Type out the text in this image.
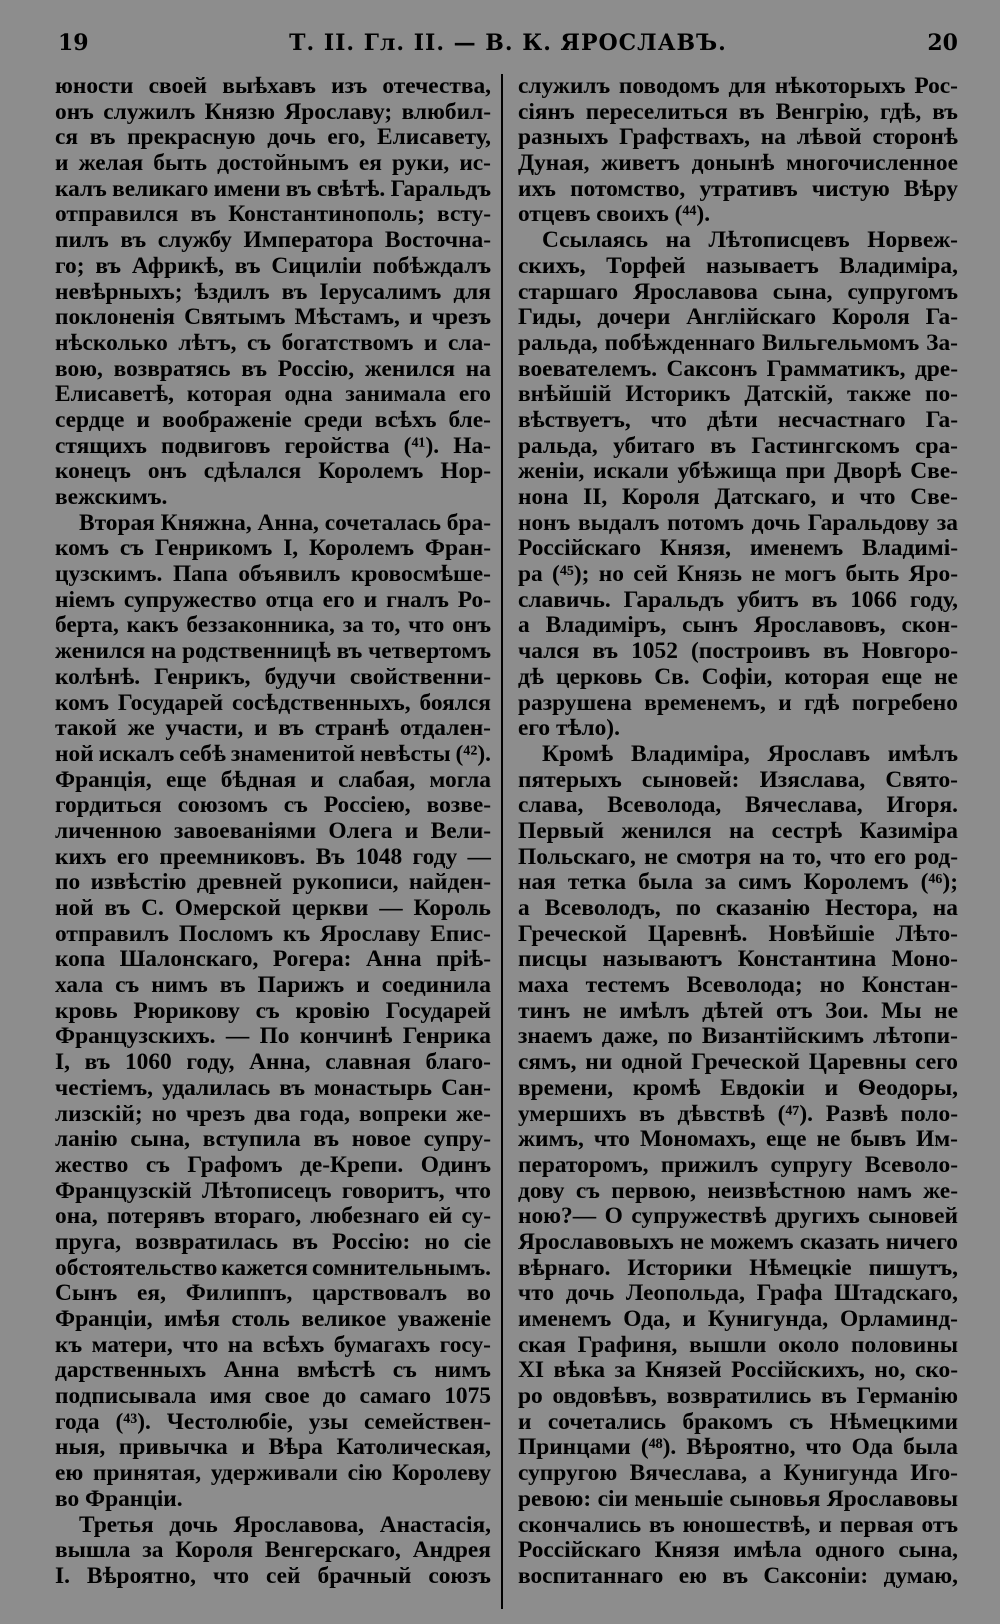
19	Т. II. Гл. II. — В. К. ЯРОСЛАВЪ.	20
юности своей выѣхавъ изъ отечества,
онъ служилъ Князю Ярославу; влюбил-
ся въ прекрасную дочь его, Елисавету,
и желая быть достойнымъ ея руки, ис-
калъ великаго имени въ свѣтѣ. Гаральдъ
отправился въ Константинополь; всту-
пилъ въ службу Императора Восточна-
го; въ Африкѣ, въ Сициліи побѣждалъ
невѣрныхъ; ѣздилъ въ Іерусалимъ для
поклоненія Святымъ Мѣстамъ, и чрезъ
нѣсколько лѣтъ, съ богатствомъ и сла-
вою, возвратясь въ Россію, женился на
Елисаветѣ, которая одна занимала его
сердце и воображеніе среди всѣхъ бле-
стящихъ подвиговъ геройства (⁴¹). На-
конецъ онъ сдѣлался Королемъ Нор-
вежскимъ.
Вторая Княжна, Анна, сочеталась бра-
комъ съ Генрикомъ I, Королемъ Фран-
цузскимъ. Папа объявилъ кровосмѣше-
ніемъ супружество отца его и гналъ Ро-
берта, какъ беззаконника, за то, что онъ
женился на родственницѣ въ четвертомъ
колѣнѣ. Генрикъ, будучи свойственни-
комъ Государей сосѣдственныхъ, боялся
такой же участи, и въ странѣ отдален-
ной искалъ себѣ знаменитой невѣсты (⁴²).
Франція, еще бѣдная и слабая, могла
гордиться союзомъ съ Россіею, возве-
личенною завоеваніями Олега и Вели-
кихъ его преемниковъ. Въ 1048 году —
по извѣстію древней рукописи, найден-
ной въ С. Омерской церкви — Король
отправилъ Посломъ къ Ярославу Епис-
копа Шалонскаго, Рогера: Анна пріѣ-
хала съ нимъ въ Парижъ и соединила
кровь Рюрикову съ кровію Государей
Французскихъ. — По кончинѣ Генрика
I, въ 1060 году, Анна, славная благо-
честіемъ, удалилась въ монастырь Сан-
лизскій; но чрезъ два года, вопреки же-
ланію сына, вступила въ новое супру-
жество съ Графомъ де-Крепи. Одинъ
Французскій Лѣтописецъ говоритъ, что
она, потерявъ втораго, любезнаго ей су-
пруга, возвратилась въ Россію: но сіе
обстоятельство кажется сомнительнымъ.
Сынъ ея, Филиппъ, царствовалъ во
Франціи, имѣя столь великое уваженіе
къ матери, что на всѣхъ бумагахъ госу-
дарственныхъ Анна вмѣстѣ съ нимъ
подписывала имя свое до самаго 1075
года (⁴³). Честолюбіе, узы семействен-
ныя, привычка и Вѣра Католическая,
ею принятая, удерживали сію Королеву
во Франціи.
Третья дочь Ярославова, Анастасія,
вышла за Короля Венгерскаго, Андрея
I. Вѣроятно, что сей брачный союзъ
служилъ поводомъ для нѣкоторыхъ Рос-
сіянъ переселиться въ Венгрію, гдѣ, въ
разныхъ Графствахъ, на лѣвой сторонѣ
Дуная, живетъ донынѣ многочисленное
ихъ потомство, утративъ чистую Вѣру
отцевъ своихъ (⁴⁴).
Ссылаясь на Лѣтописцевъ Норвеж-
скихъ, Торфей называетъ Владиміра,
старшаго Ярославова сына, супругомъ
Гиды, дочери Англійскаго Короля Га-
ральда, побѣжденнаго Вильгельмомъ За-
воевателемъ. Саксонъ Грамматикъ, дре-
внѣйшій Историкъ Датскій, также по-
вѣствуетъ, что дѣти несчастнаго Га-
ральда, убитаго въ Гастингскомъ сра-
женіи, искали убѣжища при Дворѣ Све-
нона II, Короля Датскаго, и что Свe-
нонъ выдалъ потомъ дочь Гаральдову за
Россійскаго Князя, именемъ Владимі-
ра (⁴⁵); но сей Князь не могъ быть Яро-
славичь. Гаральдъ убитъ въ 1066 году,
а Владиміръ, сынъ Ярославовъ, скон-
чался въ 1052 (построивъ въ Новгоро-
дѣ церковь Св. Софіи, которая еще не
разрушена временемъ, и гдѣ погребено
его тѣло).
Кромѣ Владиміра, Ярославъ имѣлъ
пятерыхъ сыновей: Изяслава, Свято-
слава, Всеволода, Вячеслава, Игоря.
Первый женился на сестрѣ Казиміра
Польскаго, не смотря на то, что его род-
ная тетка была за симъ Королемъ (⁴⁶);
а Всеволодъ, по сказанію Нестора, на
Греческой Царевнѣ. Новѣйшіе Лѣто-
писцы называютъ Константина Моно-
маха тестемъ Всеволода; но Констан-
тинъ не имѣлъ дѣтей отъ Зои. Мы не
знаемъ даже, по Византійскимъ лѣтопи-
сямъ, ни одной Греческой Царевны сего
времени, кромѣ Евдокіи и Ѳеодоры,
умершихъ въ дѣвствѣ (⁴⁷). Развѣ поло-
жимъ, что Мономахъ, еще не бывъ Им-
ператоромъ, прижилъ супругу Всеволо-
дову съ первою, неизвѣстною намъ же-
ною?— О супружествѣ другихъ сыновей
Ярославовыхъ не можемъ сказать ничего
вѣрнаго. Историки Нѣмецкіе пишутъ,
что дочь Леопольда, Графа Штадскаго,
именемъ Ода, и Кунигунда, Орламинд-
ская Графиня, вышли около половины
XI вѣка за Князей Россійскихъ, но, ско-
ро овдовѣвъ, возвратились въ Германію
и сочетались бракомъ съ Нѣмецкими
Принцами (⁴⁸). Вѣроятно, что Ода была
супругою Вячеслава, а Кунигунда Иго-
ревою: сіи меньшіе сыновья Ярославовы
скончались въ юношествѣ, и первая отъ
Россійскаго Князя имѣла одного сына,
воспитаннаго ею въ Саксоніи: думаю,
